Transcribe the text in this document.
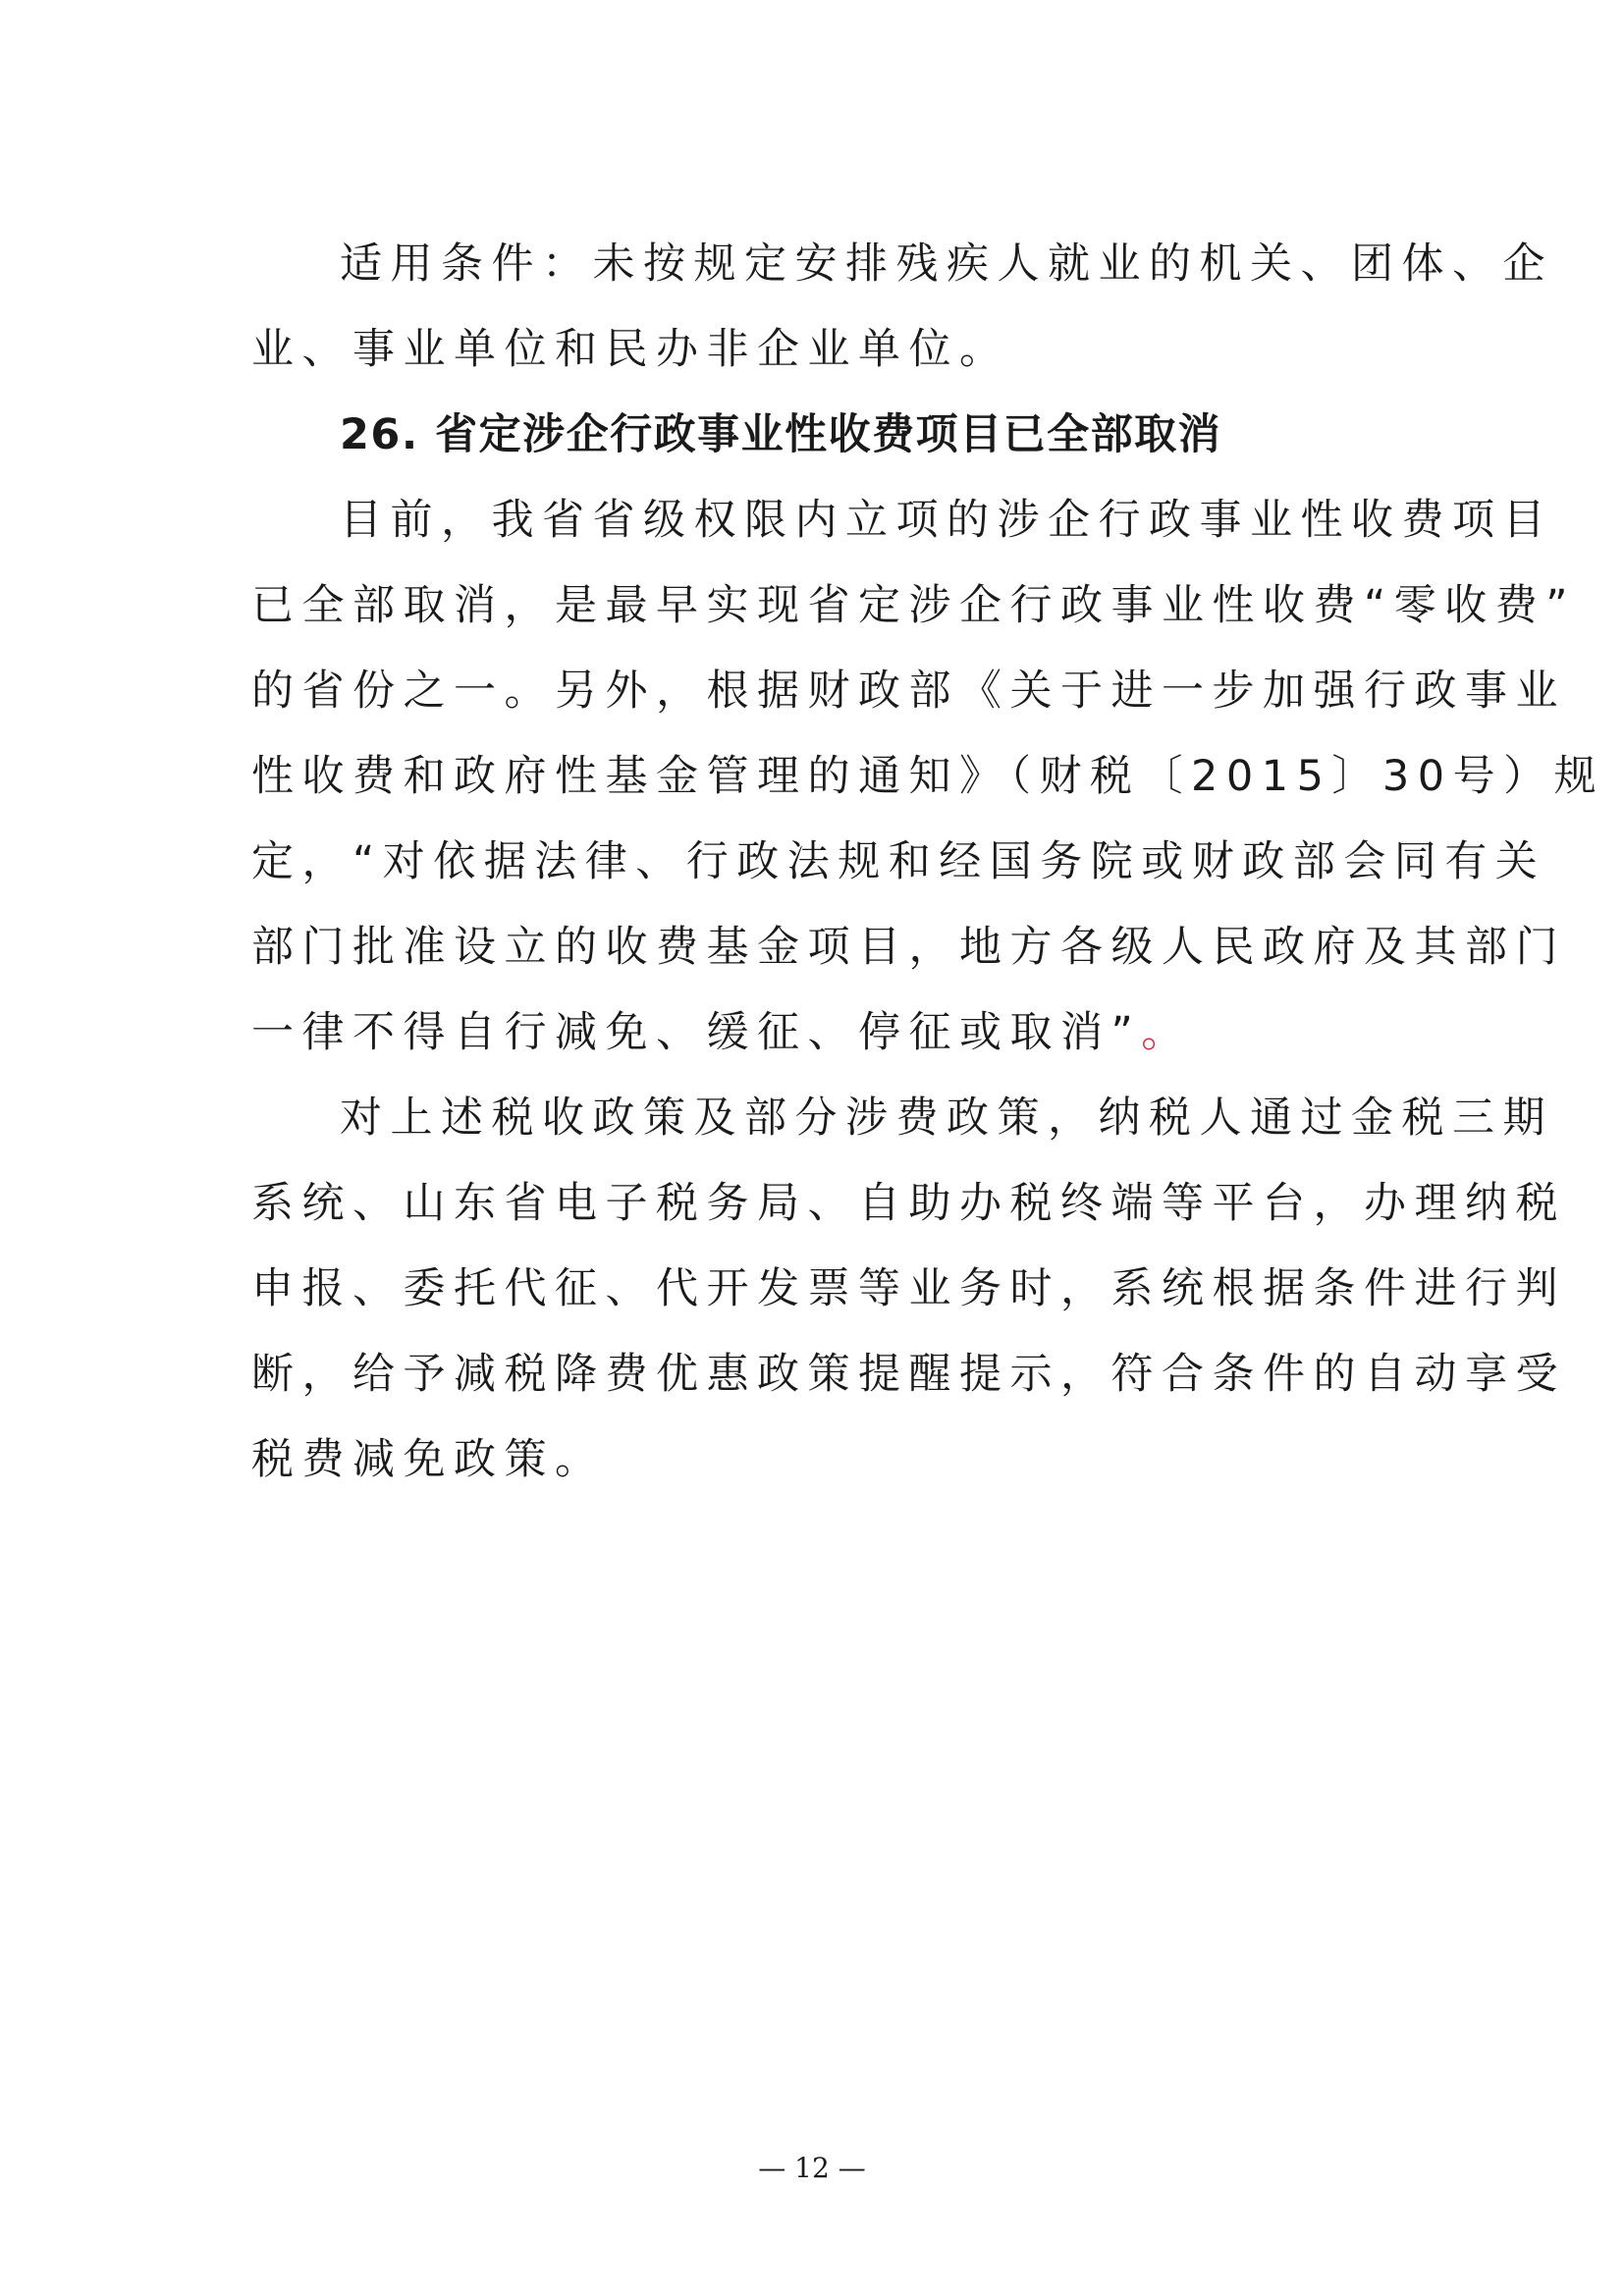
适用条件：未按规定安排残疾人就业的机关、团体、企
业、事业单位和民办非企业单位。
26. 省定涉企行政事业性收费项目已全部取消
目前，我省省级权限内立项的涉企行政事业性收费项目
已全部取消，是最早实现省定涉企行政事业性收费“零收费”
的省份之一。另外，根据财政部《关于进一步加强行政事业
性收费和政府性基金管理的通知》（财税〔2015〕30号）规
定，“对依据法律、行政法规和经国务院或财政部会同有关
部门批准设立的收费基金项目，地方各级人民政府及其部门
一律不得自行减免、缓征、停征或取消”。
对上述税收政策及部分涉费政策，纳税人通过金税三期
系统、山东省电子税务局、自助办税终端等平台，办理纳税
申报、委托代征、代开发票等业务时，系统根据条件进行判
断，给予减税降费优惠政策提醒提示，符合条件的自动享受
税费减免政策。
— 12 —
